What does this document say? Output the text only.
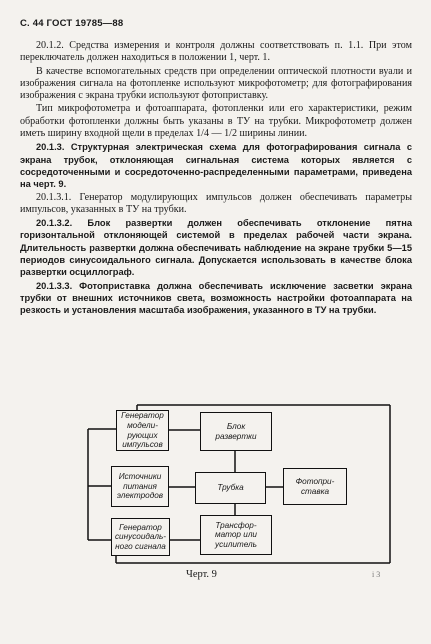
С. 44 ГОСТ 19785—88

20.1.2. Средства измерения и контроля должны соответствовать п. 1.1. При этом переключатель должен находиться в положении 1, черт. 1.

В качестве вспомогательных средств при определении оптической плотности вуали и изображения сигнала на фотопленке используют микрофотометр; для фотографирования изображения с экрана трубки используют фотоприставку.

Тип микрофотометра и фотоаппарата, фотопленки или его характеристики, режим обработки фотопленки должны быть указаны в ТУ на трубки. Микрофотометр должен иметь ширину входной щели в пределах 1/4 — 1/2 ширины линии.

20.1.3. Структурная электрическая схема для фотографирования сигнала с экрана трубок, отклоняющая сигнальная система которых является с сосредоточенными и сосредоточенно-распределенными параметрами, приведена на черт. 9.

20.1.3.1. Генератор модулирующих импульсов должен обеспечивать параметры импульсов, указанных в ТУ на трубки.

20.1.3.2. Блок развертки должен обеспечивать отклонение пятна горизонтальной отклоняющей системой в пределах рабочей части экрана. Длительность развертки должна обеспечивать наблюдение на экране трубки 5—15 периодов синусоидального сигнала. Допускается использовать в качестве блока развертки осциллограф.

20.1.3.3. Фотоприставка должна обеспечивать исключение засветки экрана трубки от внешних источников света, возможность настройки фотоаппарата на резкость и установления масштаба изображения, указанного в ТУ на трубки.

Генератор
модели-
рующих
импульсов
Блок
развертки
Источники
питания
электродов
Трубка
Фотопри-
ставка
Генератор
синусоидаль-
ного сигнала
Трансфор-
матор или
усилитель
Черт. 9	i 3
